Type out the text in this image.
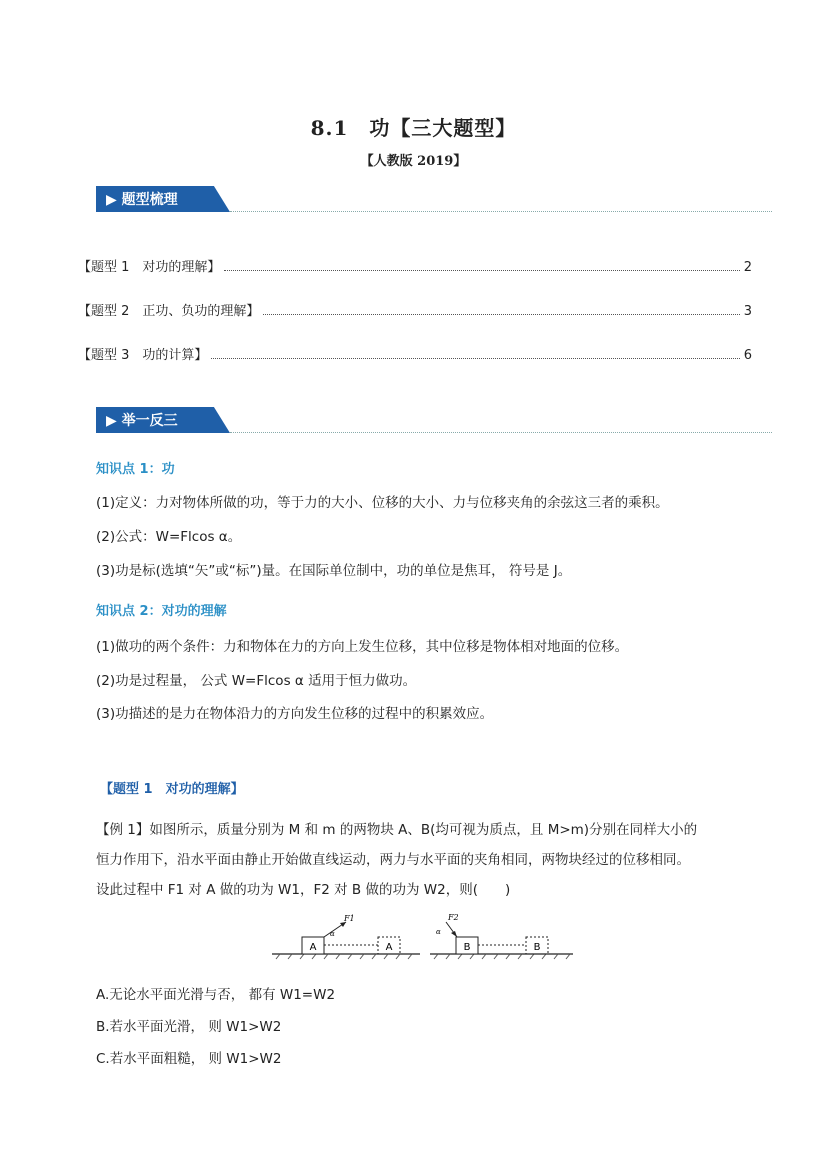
8.1　功【三大题型】
【人教版 2019】
▶ 题型梳理
【题型 1　对功的理解】	2
【题型 2　正功、负功的理解】	3
【题型 3　功的计算】	6
▶ 举一反三
知识点 1：功
(1)定义：力对物体所做的功，等于力的大小、位移的大小、力与位移夹角的余弦这三者的乘积。
(2)公式：W=Flcos α。
(3)功是标(选填“矢”或“标”)量。在国际单位制中，功的单位是焦耳， 符号是 J。
知识点 2：对功的理解
(1)做功的两个条件：力和物体在力的方向上发生位移，其中位移是物体相对地面的位移。
(2)功是过程量， 公式 W=Flcos α 适用于恒力做功。
(3)功描述的是力在物体沿力的方向发生位移的过程中的积累效应。
【题型 1　对功的理解】
【例 1】如图所示，质量分别为 M 和 m 的两物块 A、B(均可视为质点，且 M>m)分别在同样大小的
恒力作用下，沿水平面由静止开始做直线运动，两力与水平面的夹角相同，两物块经过的位移相同。
设此过程中 F1 对 A 做的功为 W1，F2 对 B 做的功为 W2，则(　　)
A
F1
α
A	B
F2
α
B
A.无论水平面光滑与否， 都有 W1=W2
B.若水平面光滑， 则 W1>W2
C.若水平面粗糙， 则 W1>W2
